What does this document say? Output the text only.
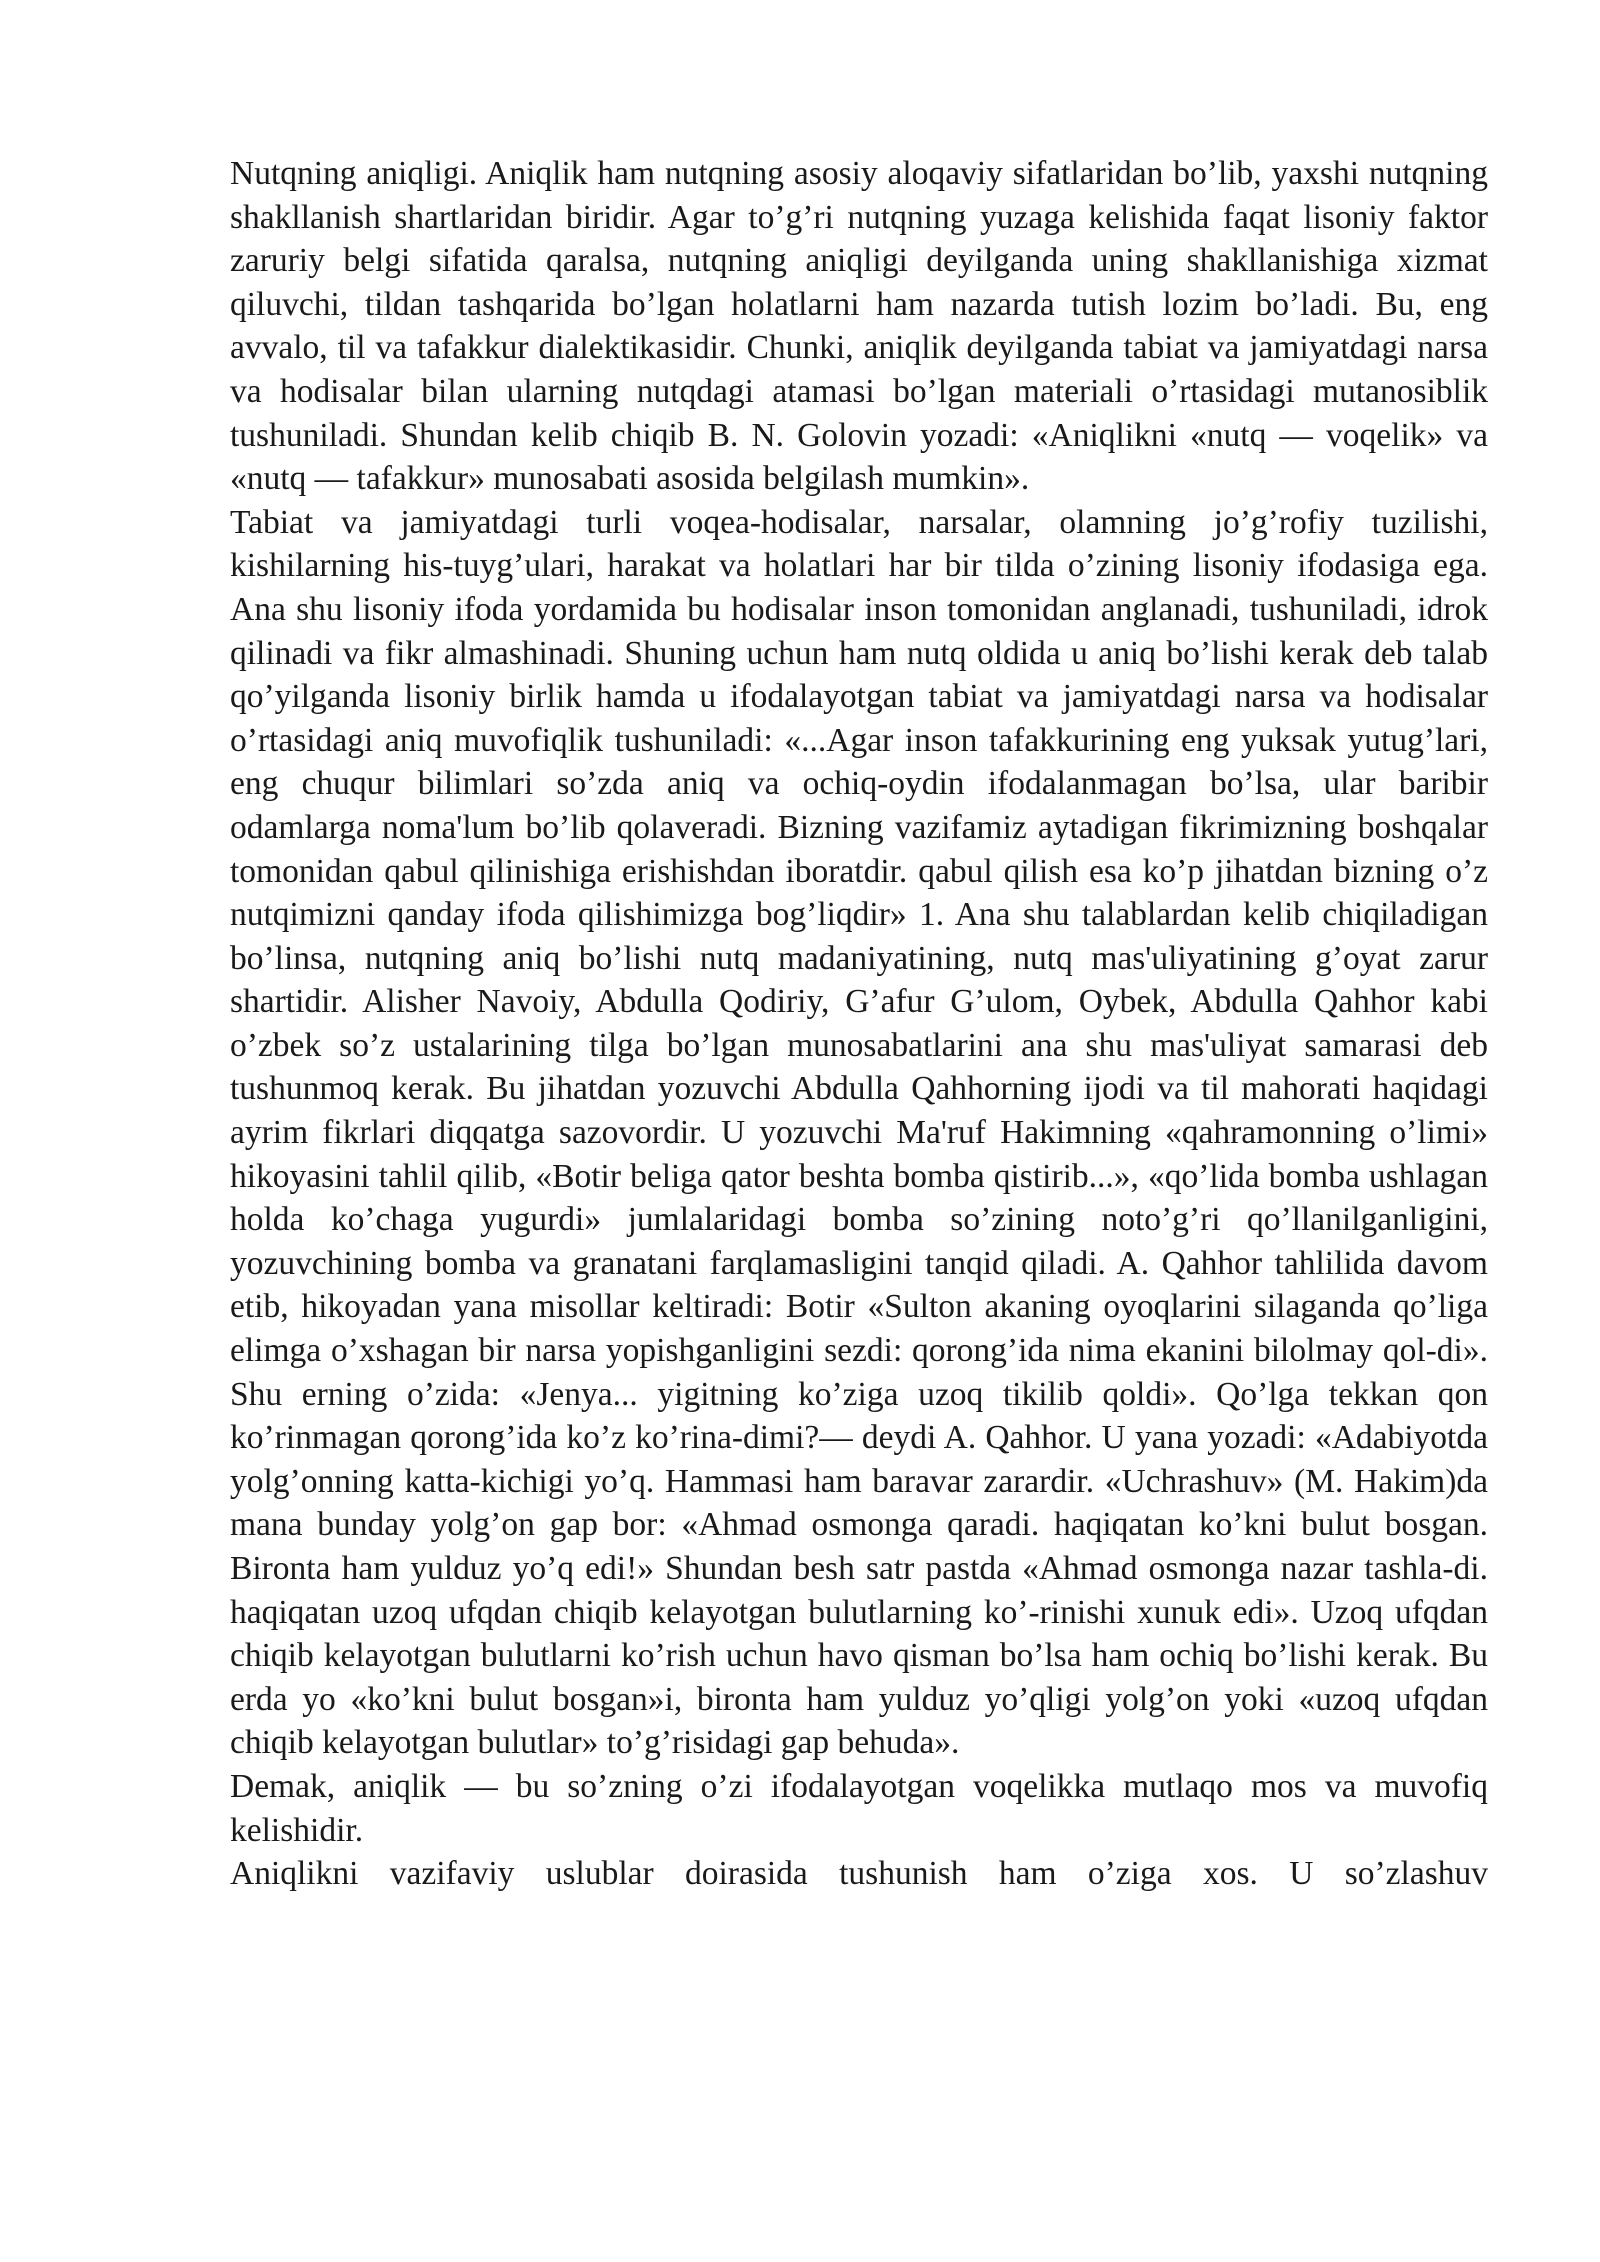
Nutqning aniqligi. Aniqlik ham nutqning asosiy aloqaviy sifatlaridan bo’lib, yaxshi nutqning shakllanish shartlaridan biridir. Agar to’g’ri nutqning yuzaga kelishida faqat lisoniy faktor zaruriy belgi sifatida qaralsa, nutqning aniqligi deyilganda uning shakllanishiga xizmat qiluvchi, tildan tashqarida bo’lgan holatlarni ham nazarda tutish lozim bo’ladi. Bu, eng avvalo, til va tafakkur dialektikasidir. Chunki, aniqlik deyilganda tabiat va jamiyatdagi narsa va hodisalar bilan ularning nutqdagi atamasi bo’lgan materiali o’rtasidagi mutanosiblik tushuniladi. Shundan kelib chiqib B. N. Golovin yozadi: «Aniqlikni «nutq — voqelik» va «nutq — tafakkur» munosabati asosida belgilash mumkin».

Tabiat va jamiyatdagi turli voqea-hodisalar, narsalar, olamning jo’g’rofiy tuzilishi, kishilarning his-tuyg’ulari, harakat va holatlari har bir tilda o’zining lisoniy ifodasiga ega. Ana shu lisoniy ifoda yordamida bu hodisalar inson tomonidan anglanadi, tushuniladi, idrok qilinadi va fikr almashinadi. Shuning uchun ham nutq oldida u aniq bo’lishi kerak deb talab qo’yilganda lisoniy birlik hamda u ifodalayotgan tabiat va jamiyatdagi narsa va hodisalar o’rtasidagi aniq muvofiqlik tushuniladi: «...Agar inson tafakkurining eng yuksak yutug’lari, eng chuqur bilimlari so’zda aniq va ochiq-oydin ifodalanmagan bo’lsa, ular baribir odamlarga noma'lum bo’lib qolaveradi. Bizning vazifamiz aytadigan fikrimizning boshqalar tomonidan qabul qilinishiga erishishdan iboratdir. qabul qilish esa ko’p jihatdan bizning o’z nutqimizni qanday ifoda qilishimizga bog’liqdir» 1. Ana shu talablardan kelib chiqiladigan bo’linsa, nutqning aniq bo’lishi nutq madaniyatining, nutq mas'uliyatining g’oyat zarur shartidir. Alisher Navoiy, Abdulla Qodiriy, G’afur G’ulom, Oybek, Abdulla Qahhor kabi o’zbek so’z ustalarining tilga bo’lgan munosabatlarini ana shu mas'uliyat samarasi deb tushunmoq kerak. Bu jihatdan yozuvchi Abdulla Qahhorning ijodi va til mahorati haqidagi ayrim fikrlari diqqatga sazovordir. U yozuvchi Ma'ruf Hakimning «qahramonning o’limi» hikoyasini tahlil qilib, «Botir beliga qator beshta bomba qistirib...», «qo’lida bomba ushlagan holda ko’chaga yugurdi» jumlalaridagi bomba so’zining noto’g’ri qo’llanilganligini, yozuvchining bomba va granatani farqlamasligini tanqid qiladi. A. Qahhor tahlilida davom etib, hikoyadan yana misollar keltiradi: Botir «Sulton akaning oyoqlarini silaganda qo’liga elimga o’xshagan bir narsa yopishganligini sezdi: qorong’ida nima ekanini bilolmay qol-di». Shu erning o’zida: «Jenya... yigitning ko’ziga uzoq tikilib qoldi». Qo’lga tekkan qon ko’rinmagan qorong’ida ko’z ko’rina-dimi?— deydi A. Qahhor. U yana yozadi: «Adabiyotda yolg’onning katta-kichigi yo’q. Hammasi ham baravar zarardir. «Uchrashuv» (M. Hakim)da mana bunday yolg’on gap bor: «Ahmad osmonga qaradi. haqiqatan ko’kni bulut bosgan. Bironta ham yulduz yo’q edi!» Shundan besh satr pastda «Ahmad osmonga nazar tashla-di. haqiqatan uzoq ufqdan chiqib kelayotgan bulutlarning ko’-rinishi xunuk edi». Uzoq ufqdan chiqib kelayotgan bulutlarni ko’rish uchun havo qisman bo’lsa ham ochiq bo’lishi kerak. Bu erda yo «ko’kni bulut bosgan»i, bironta ham yulduz yo’qligi yolg’on yoki «uzoq ufqdan chiqib kelayotgan bulutlar» to’g’risidagi gap behuda».

Demak, aniqlik — bu so’zning o’zi ifodalayotgan voqelikka mutlaqo mos va muvofiq kelishidir.

Aniqlikni vazifaviy uslublar doirasida tushunish ham o’ziga xos. U so’zlashuv
